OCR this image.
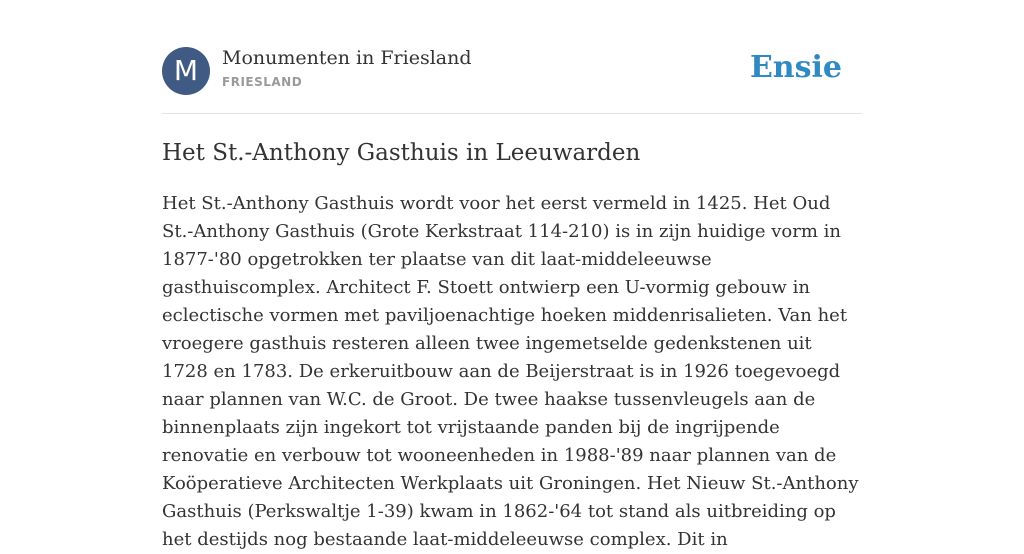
M	Monumenten in Friesland
FRIESLAND	Ensie
Het St.-Anthony Gasthuis in Leeuwarden

Het St.-Anthony Gasthuis wordt voor het eerst vermeld in 1425. Het Oud St.-Anthony Gasthuis (Grote Kerkstraat 114-210) is in zijn huidige vorm in 1877-'80 opgetrokken ter plaatse van dit laat-middeleeuwse gasthuiscomplex. Architect F. Stoett ontwierp een U-vormig gebouw in eclectische vormen met paviljoenachtige hoeken middenrisalieten. Van het vroegere gasthuis resteren alleen twee ingemetselde gedenkstenen uit 1728 en 1783. De erkeruitbouw aan de Beijerstraat is in 1926 toegevoegd naar plannen van W.C. de Groot. De twee haakse tussenvleugels aan de binnenplaats zijn ingekort tot vrijstaande panden bij de ingrijpende renovatie en verbouw tot wooneenheden in 1988-'89 naar plannen van de Koöperatieve Architecten Werkplaats uit Groningen. Het Nieuw St.-Anthony Gasthuis (Perkswaltje 1-39) kwam in 1862-'64 tot stand als uitbreiding op het destijds nog bestaande laat-middeleeuwse complex. Dit in
